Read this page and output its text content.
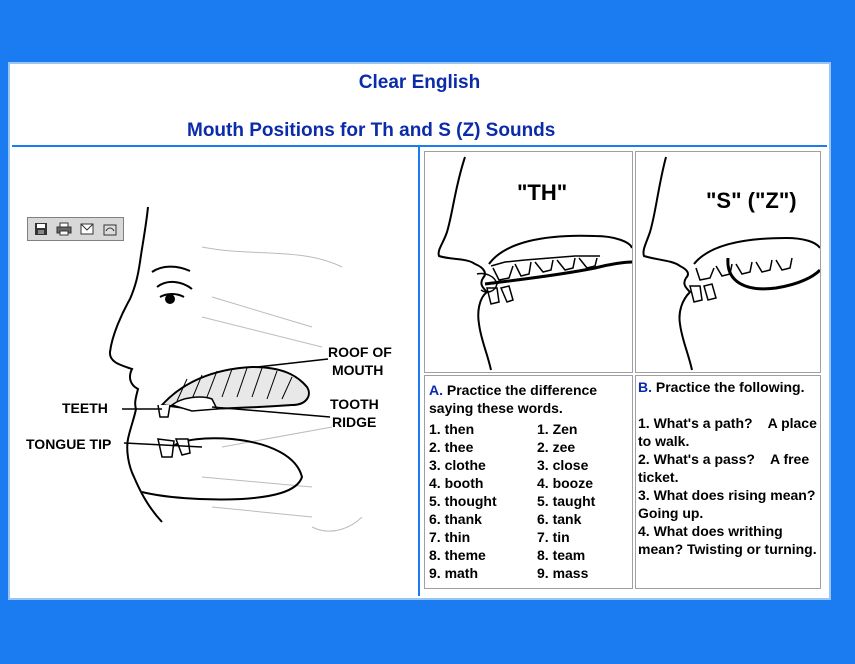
Clear English
Mouth Positions for Th and S (Z) Sounds
ROOF OF
MOUTH
TEETH	TOOTH
RIDGE
TONGUE TIP
"TH"	"S" ("Z")
A. Practice the difference saying these words.
1. then	1. Zen
2. thee	2. zee
3. clothe	3. close
4. booth	4. booze
5. thought	5. taught
6. thank	6. tank
7. thin	7. tin
8. theme	8. team
9. math	9. mass
B. Practice the following.
1. What's a path?    A place to walk.
2. What's a pass?    A free ticket.
3. What does rising mean?    Going up.
4. What does writhing mean? Twisting or turning.
